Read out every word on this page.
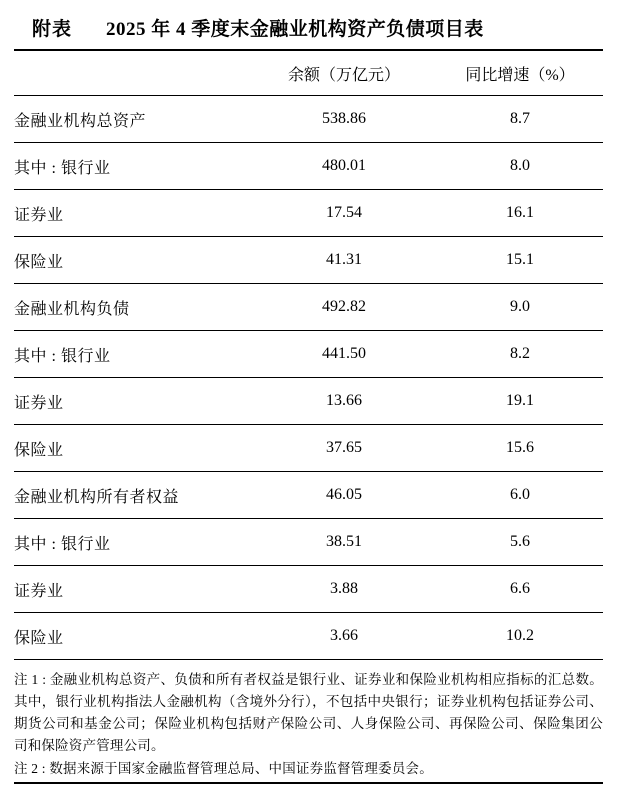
附表 2025 年 4 季度末金融业机构资产负债项目表
	余额（万亿元）	同比增速（%）
金融业机构总资产	538.86	8.7
其中 : 银行业	480.01	8.0
证券业	17.54	16.1
保险业	41.31	15.1
金融业机构负债	492.82	9.0
其中 : 银行业	441.50	8.2
证券业	13.66	19.1
保险业	37.65	15.6
金融业机构所有者权益	46.05	6.0
其中 : 银行业	38.51	5.6
证券业	3.88	6.6
保险业	3.66	10.2

注 1 : 金融业机构总资产、负债和所有者权益是银行业、证券业和保险业机构相应指标的汇总数。其中，银行业机构指法人金融机构（含境外分行），不包括中央银行；证券业机构包括证券公司、期货公司和基金公司；保险业机构包括财产保险公司、人身保险公司、再保险公司、保险集团公司和保险资产管理公司。

注 2 : 数据来源于国家金融监督管理总局、中国证券监督管理委员会。
